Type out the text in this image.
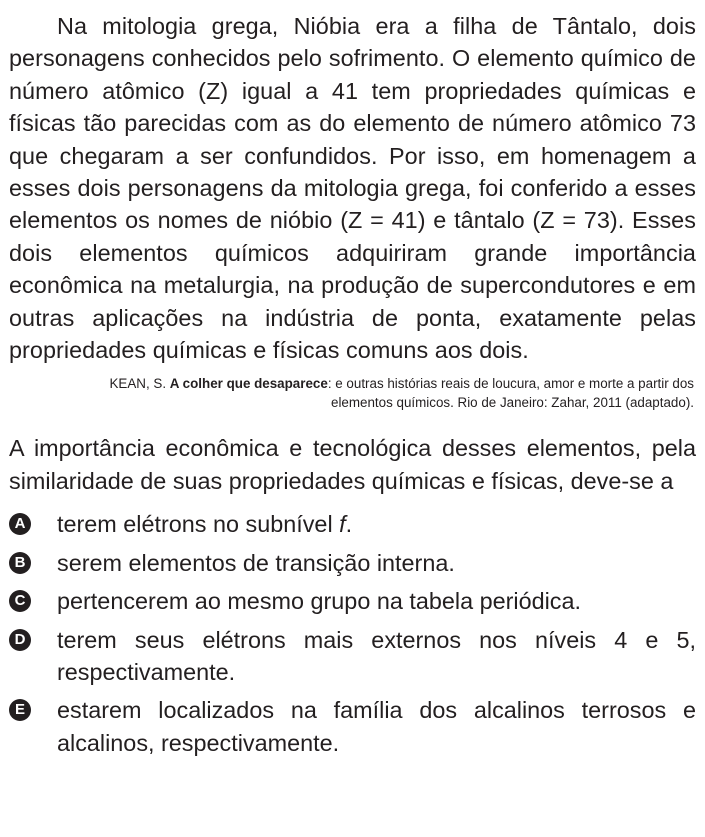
Na mitologia grega, Nióbia era a filha de Tântalo, dois personagens conhecidos pelo sofrimento. O elemento químico de número atômico (Z) igual a 41 tem propriedades químicas e físicas tão parecidas com as do elemento de número atômico 73 que chegaram a ser confundidos. Por isso, em homenagem a esses dois personagens da mitologia grega, foi conferido a esses elementos os nomes de nióbio (Z = 41) e tântalo (Z = 73). Esses dois elementos químicos adquiriram grande importância econômica na metalurgia, na produção de supercondutores e em outras aplicações na indústria de ponta, exatamente pelas propriedades químicas e físicas comuns aos dois.

KEAN, S. A colher que desaparece: e outras histórias reais de loucura, amor e morte a partir dos elementos químicos. Rio de Janeiro: Zahar, 2011 (adaptado).

A importância econômica e tecnológica desses elementos, pela similaridade de suas propriedades químicas e físicas, deve-se a

A terem elétrons no subnível f.
B serem elementos de transição interna.
C pertencerem ao mesmo grupo na tabela periódica.
D terem seus elétrons mais externos nos níveis 4 e 5, respectivamente.
E estarem localizados na família dos alcalinos terrosos e alcalinos, respectivamente.
